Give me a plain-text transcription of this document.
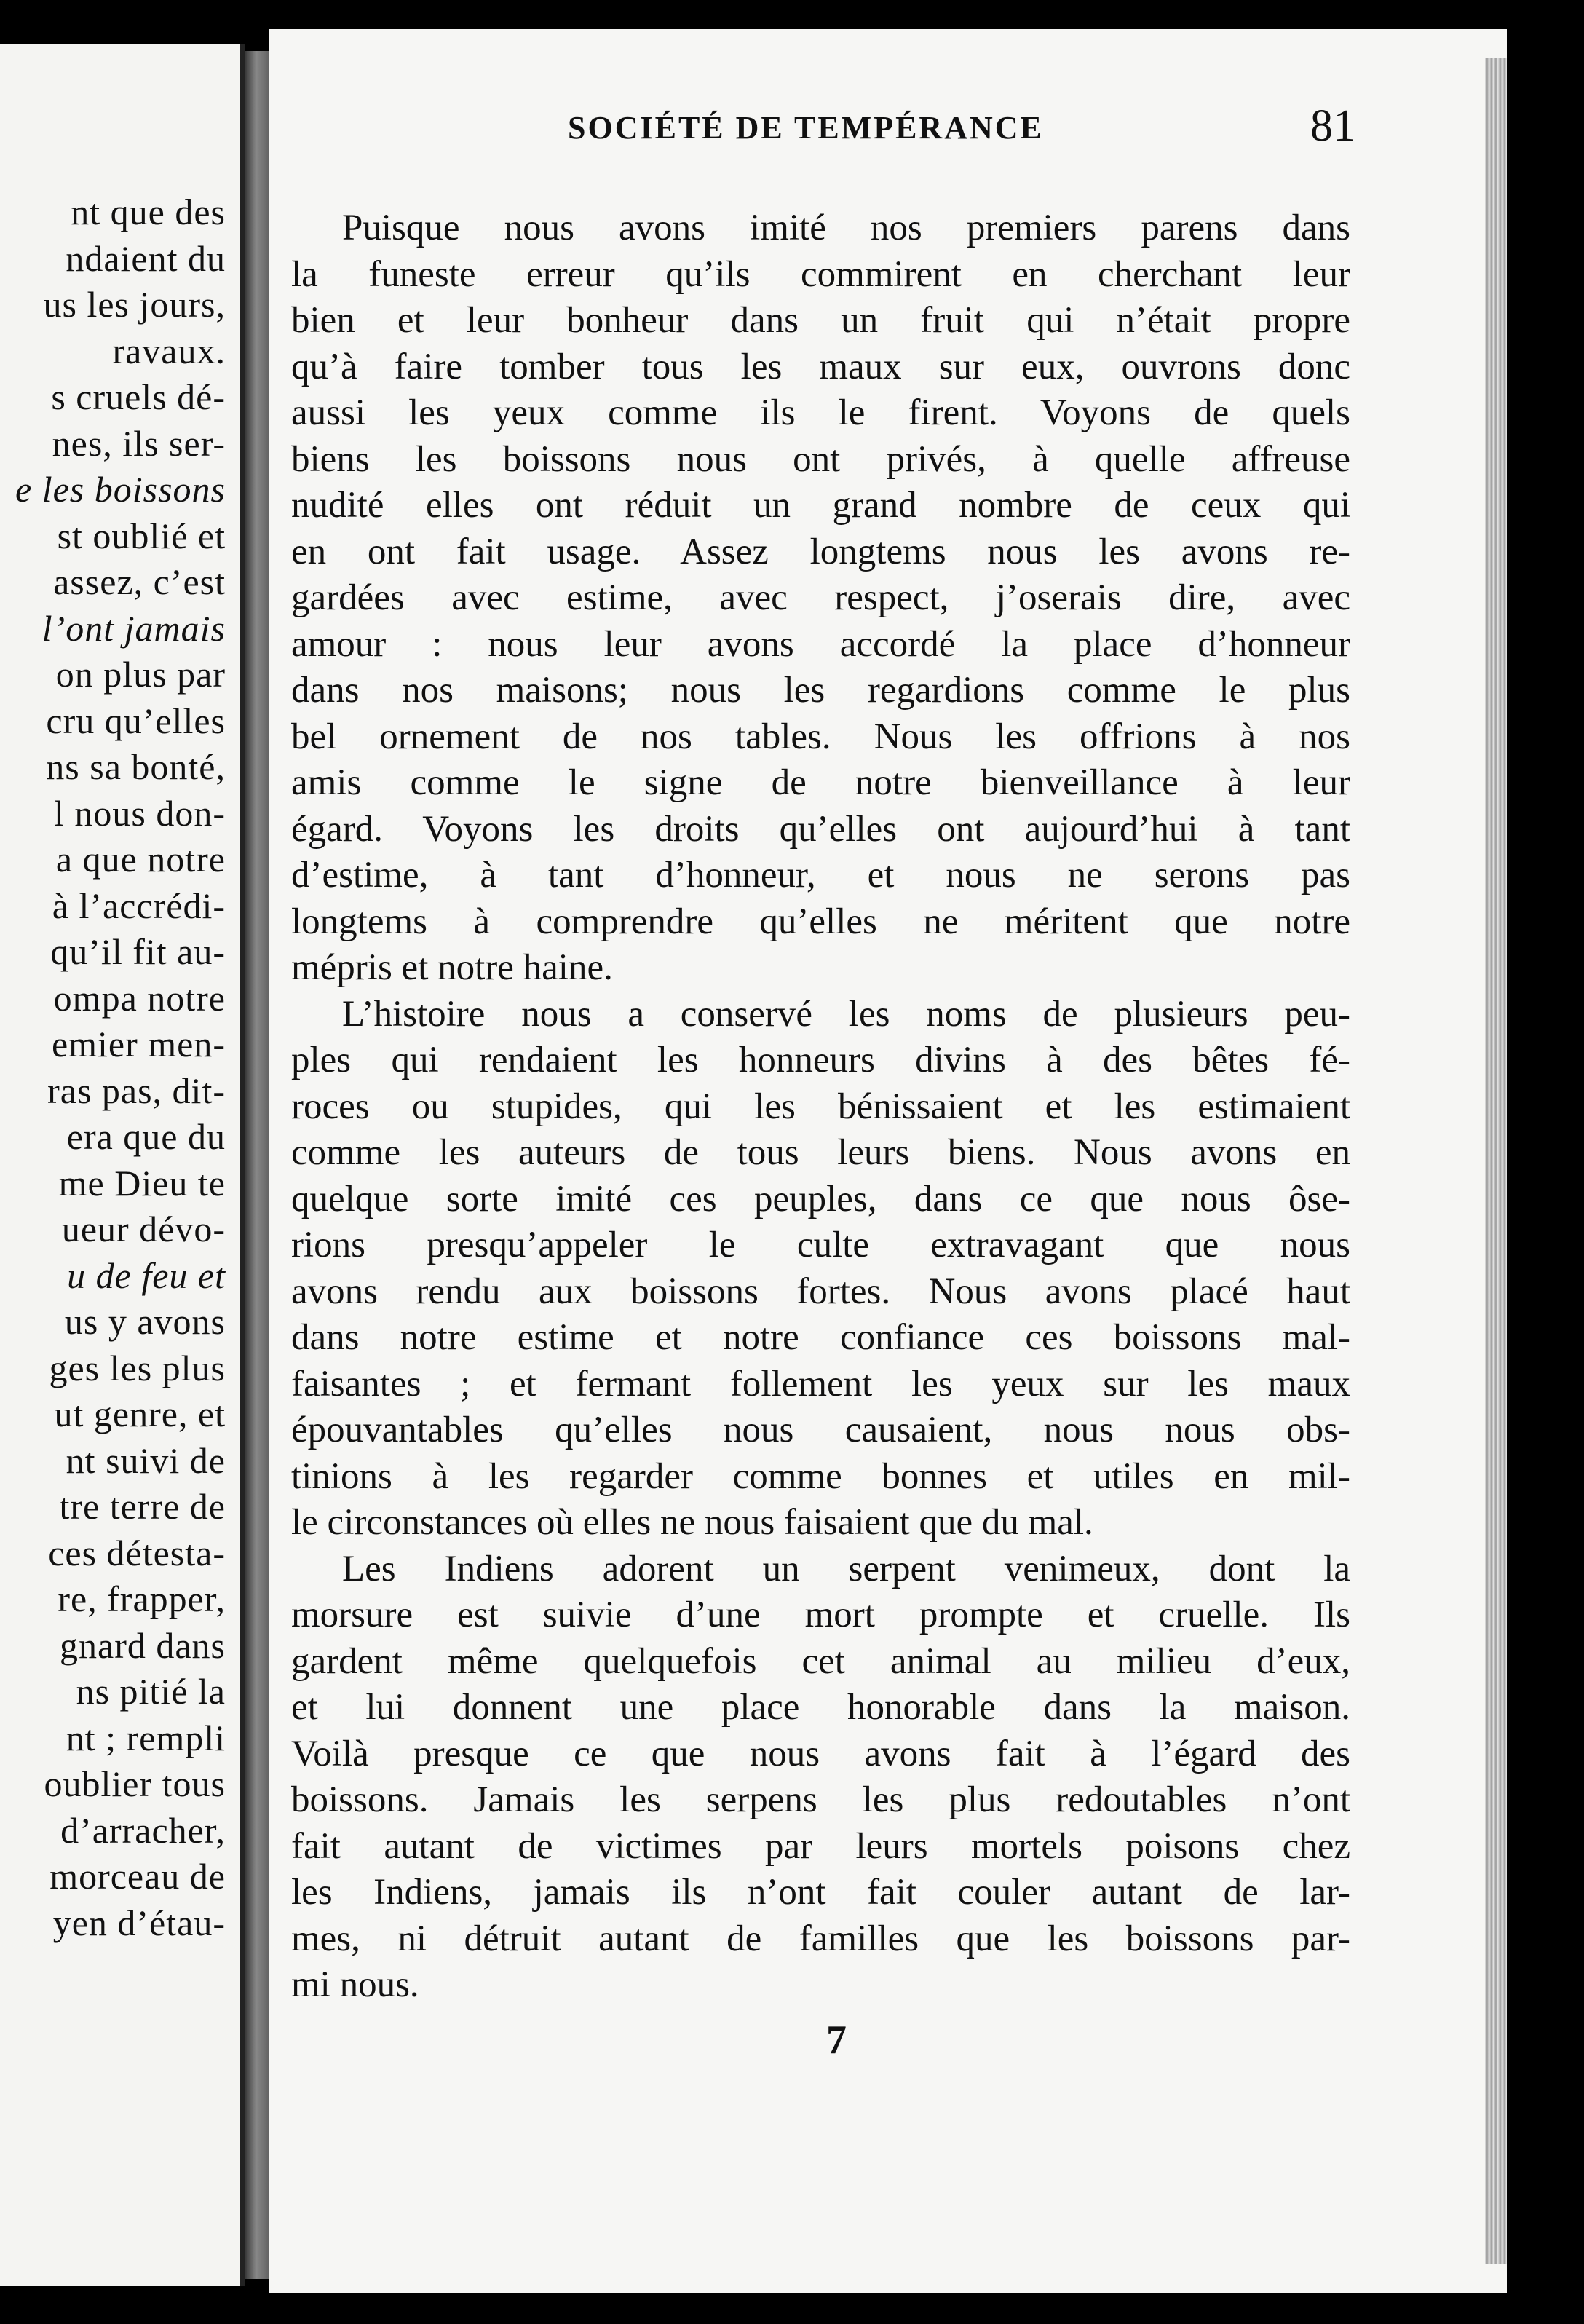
nt que des
ndaient du
us les jours,
ravaux.
s cruels dé-
nes, ils ser-
e les boissons
st oublié et
assez, c’est
l’ont jamais
on plus par
cru qu’elles
ns sa bonté,
l nous don-
a que notre
à l’accrédi-
qu’il fit au-
ompa notre
emier men-
ras pas, dit-
era que du
me Dieu te
ueur dévo-
u de feu et
us y avons
ges les plus
ut genre, et
nt suivi de
tre terre de
ces détesta-
re, frapper,
gnard dans
ns pitié la
nt ; rempli
oublier tous
d’arracher,
morceau de
yen d’étau-
SOCIÉTÉ DE TEMPÉRANCE	81
Puisque nous avons imité nos premiers parens dans
la funeste erreur qu’ils commirent en cherchant leur
bien et leur bonheur dans un fruit qui n’était propre
qu’à faire tomber tous les maux sur eux, ouvrons donc
aussi les yeux comme ils le firent. Voyons de quels
biens les boissons nous ont privés, à quelle affreuse
nudité elles ont réduit un grand nombre de ceux qui
en ont fait usage. Assez longtems nous les avons re-
gardées avec estime, avec respect, j’oserais dire, avec
amour : nous leur avons accordé la place d’honneur
dans nos maisons; nous les regardions comme le plus
bel ornement de nos tables. Nous les offrions à nos
amis comme le signe de notre bienveillance à leur
égard. Voyons les droits qu’elles ont aujourd’hui à tant
d’estime, à tant d’honneur, et nous ne serons pas
longtems à comprendre qu’elles ne méritent que notre
mépris et notre haine.
L’histoire nous a conservé les noms de plusieurs peu-
ples qui rendaient les honneurs divins à des bêtes fé-
roces ou stupides, qui les bénissaient et les estimaient
comme les auteurs de tous leurs biens. Nous avons en
quelque sorte imité ces peuples, dans ce que nous ôse-
rions presqu’appeler le culte extravagant que nous
avons rendu aux boissons fortes. Nous avons placé haut
dans notre estime et notre confiance ces boissons mal-
faisantes ; et fermant follement les yeux sur les maux
épouvantables qu’elles nous causaient, nous nous obs-
tinions à les regarder comme bonnes et utiles en mil-
le circonstances où elles ne nous faisaient que du mal.
Les Indiens adorent un serpent venimeux, dont la
morsure est suivie d’une mort prompte et cruelle. Ils
gardent même quelquefois cet animal au milieu d’eux,
et lui donnent une place honorable dans la maison.
Voilà presque ce que nous avons fait à l’égard des
boissons. Jamais les serpens les plus redoutables n’ont
fait autant de victimes par leurs mortels poisons chez
les Indiens, jamais ils n’ont fait couler autant de lar-
mes, ni détruit autant de familles que les boissons par-
mi nous.
7
